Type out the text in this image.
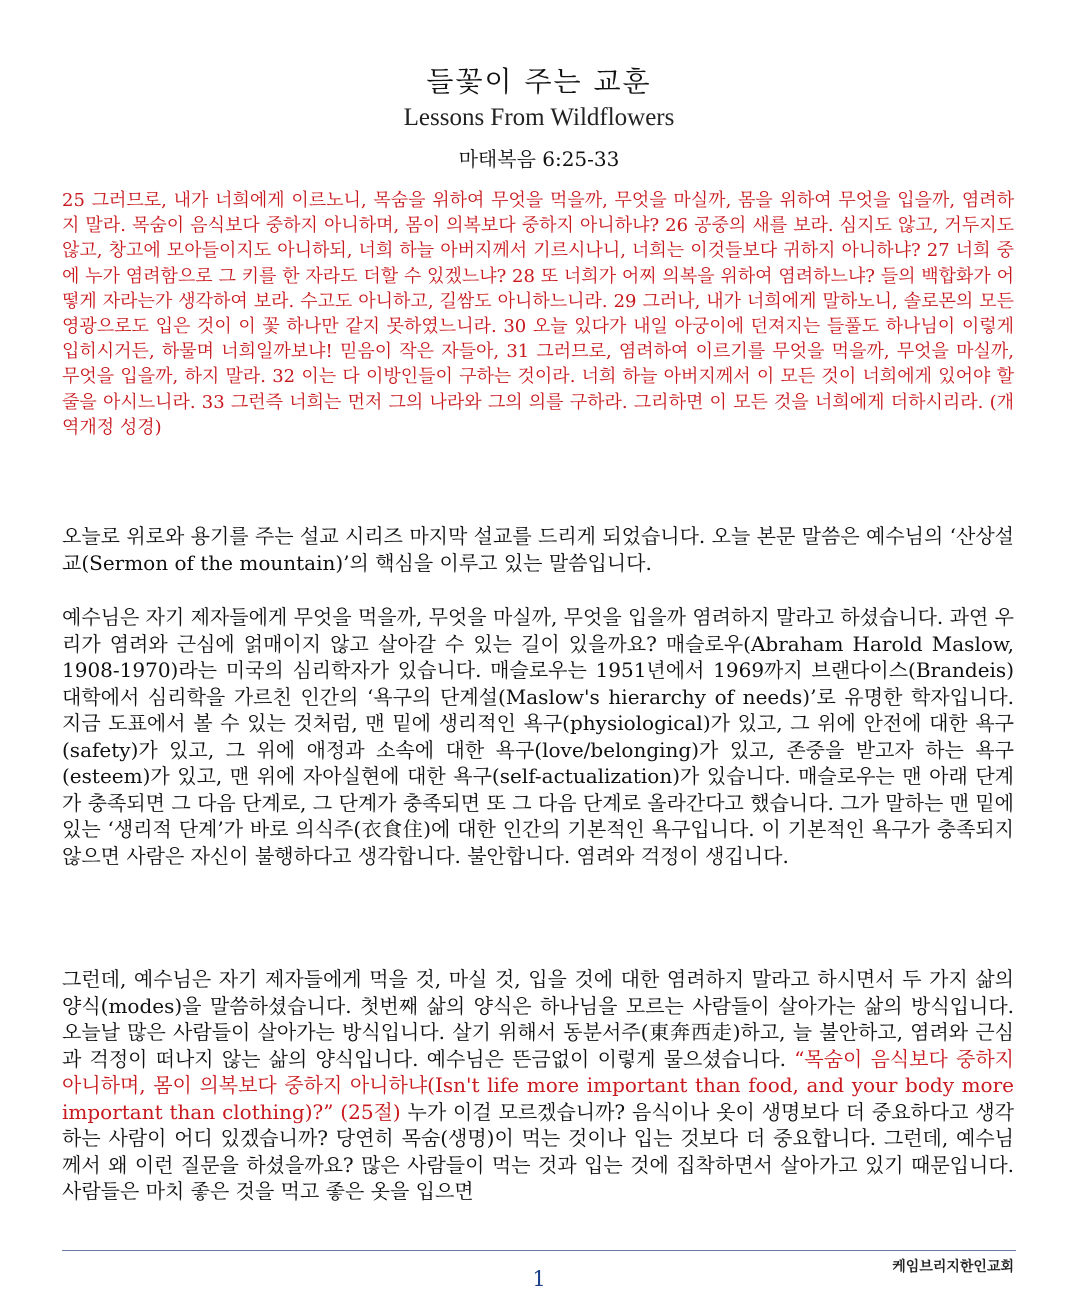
들꽃이 주는 교훈
Lessons From Wildflowers
마태복음 6:25-33

25 그러므로, 내가 너희에게 이르노니, 목숨을 위하여 무엇을 먹을까, 무엇을 마실까, 몸을 위하여 무엇을 입을까, 염려하지 말라. 목숨이 음식보다 중하지 아니하며, 몸이 의복보다 중하지 아니하냐? 26 공중의 새를 보라. 심지도 않고, 거두지도 않고, 창고에 모아들이지도 아니하되, 너희 하늘 아버지께서 기르시나니, 너희는 이것들보다 귀하지 아니하냐? 27 너희 중에 누가 염려함으로 그 키를 한 자라도 더할 수 있겠느냐? 28 또 너희가 어찌 의복을 위하여 염려하느냐? 들의 백합화가 어떻게 자라는가 생각하여 보라. 수고도 아니하고, 길쌈도 아니하느니라. 29 그러나, 내가 너희에게 말하노니, 솔로몬의 모든 영광으로도 입은 것이 이 꽃 하나만 같지 못하였느니라. 30 오늘 있다가 내일 아궁이에 던져지는 들풀도 하나님이 이렇게 입히시거든, 하물며 너희일까보냐! 믿음이 작은 자들아, 31 그러므로, 염려하여 이르기를 무엇을 먹을까, 무엇을 마실까, 무엇을 입을까, 하지 말라. 32 이는 다 이방인들이 구하는 것이라. 너희 하늘 아버지께서 이 모든 것이 너희에게 있어야 할 줄을 아시느니라. 33 그런즉 너희는 먼저 그의 나라와 그의 의를 구하라. 그리하면 이 모든 것을 너희에게 더하시리라. (개역개정 성경)

오늘로 위로와 용기를 주는 설교 시리즈 마지막 설교를 드리게 되었습니다. 오늘 본문 말씀은 예수님의 ‘산상설교(Sermon of the mountain)’의 핵심을 이루고 있는 말씀입니다.

예수님은 자기 제자들에게 무엇을 먹을까, 무엇을 마실까, 무엇을 입을까 염려하지 말라고 하셨습니다. 과연 우리가 염려와 근심에 얽매이지 않고 살아갈 수 있는 길이 있을까요? 매슬로우(Abraham Harold Maslow, 1908-1970)라는 미국의 심리학자가 있습니다. 매슬로우는 1951년에서 1969까지 브랜다이스(Brandeis) 대학에서 심리학을 가르친 인간의 ‘욕구의 단계설(Maslow's hierarchy of needs)’로 유명한 학자입니다. 지금 도표에서 볼 수 있는 것처럼, 맨 밑에 생리적인 욕구(physiological)가 있고, 그 위에 안전에 대한 욕구(safety)가 있고, 그 위에 애정과 소속에 대한 욕구(love/belonging)가 있고, 존중을 받고자 하는 욕구(esteem)가 있고, 맨 위에 자아실현에 대한 욕구(self-actualization)가 있습니다. 매슬로우는 맨 아래 단계가 충족되면 그 다음 단계로, 그 단계가 충족되면 또 그 다음 단계로 올라간다고 했습니다. 그가 말하는 맨 밑에 있는 ‘생리적 단계’가 바로 의식주(衣食住)에 대한 인간의 기본적인 욕구입니다. 이 기본적인 욕구가 충족되지 않으면 사람은 자신이 불행하다고 생각합니다. 불안합니다. 염려와 걱정이 생깁니다.

그런데, 예수님은 자기 제자들에게 먹을 것, 마실 것, 입을 것에 대한 염려하지 말라고 하시면서 두 가지 삶의 양식(modes)을 말씀하셨습니다. 첫번째 삶의 양식은 하나님을 모르는 사람들이 살아가는 삶의 방식입니다. 오늘날 많은 사람들이 살아가는 방식입니다. 살기 위해서 동분서주(東奔西走)하고, 늘 불안하고, 염려와 근심과 걱정이 떠나지 않는 삶의 양식입니다. 예수님은 뜬금없이 이렇게 물으셨습니다. “목숨이 음식보다 중하지 아니하며, 몸이 의복보다 중하지 아니하냐(Isn't life more important than food, and your body more important than clothing)?” (25절) 누가 이걸 모르겠습니까? 음식이나 옷이 생명보다 더 중요하다고 생각하는 사람이 어디 있겠습니까? 당연히 목숨(생명)이 먹는 것이나 입는 것보다 더 중요합니다. 그런데, 예수님께서 왜 이런 질문을 하셨을까요? 많은 사람들이 먹는 것과 입는 것에 집착하면서 살아가고 있기 때문입니다. 사람들은 마치 좋은 것을 먹고 좋은 옷을 입으면

케임브리지한인교회
1
